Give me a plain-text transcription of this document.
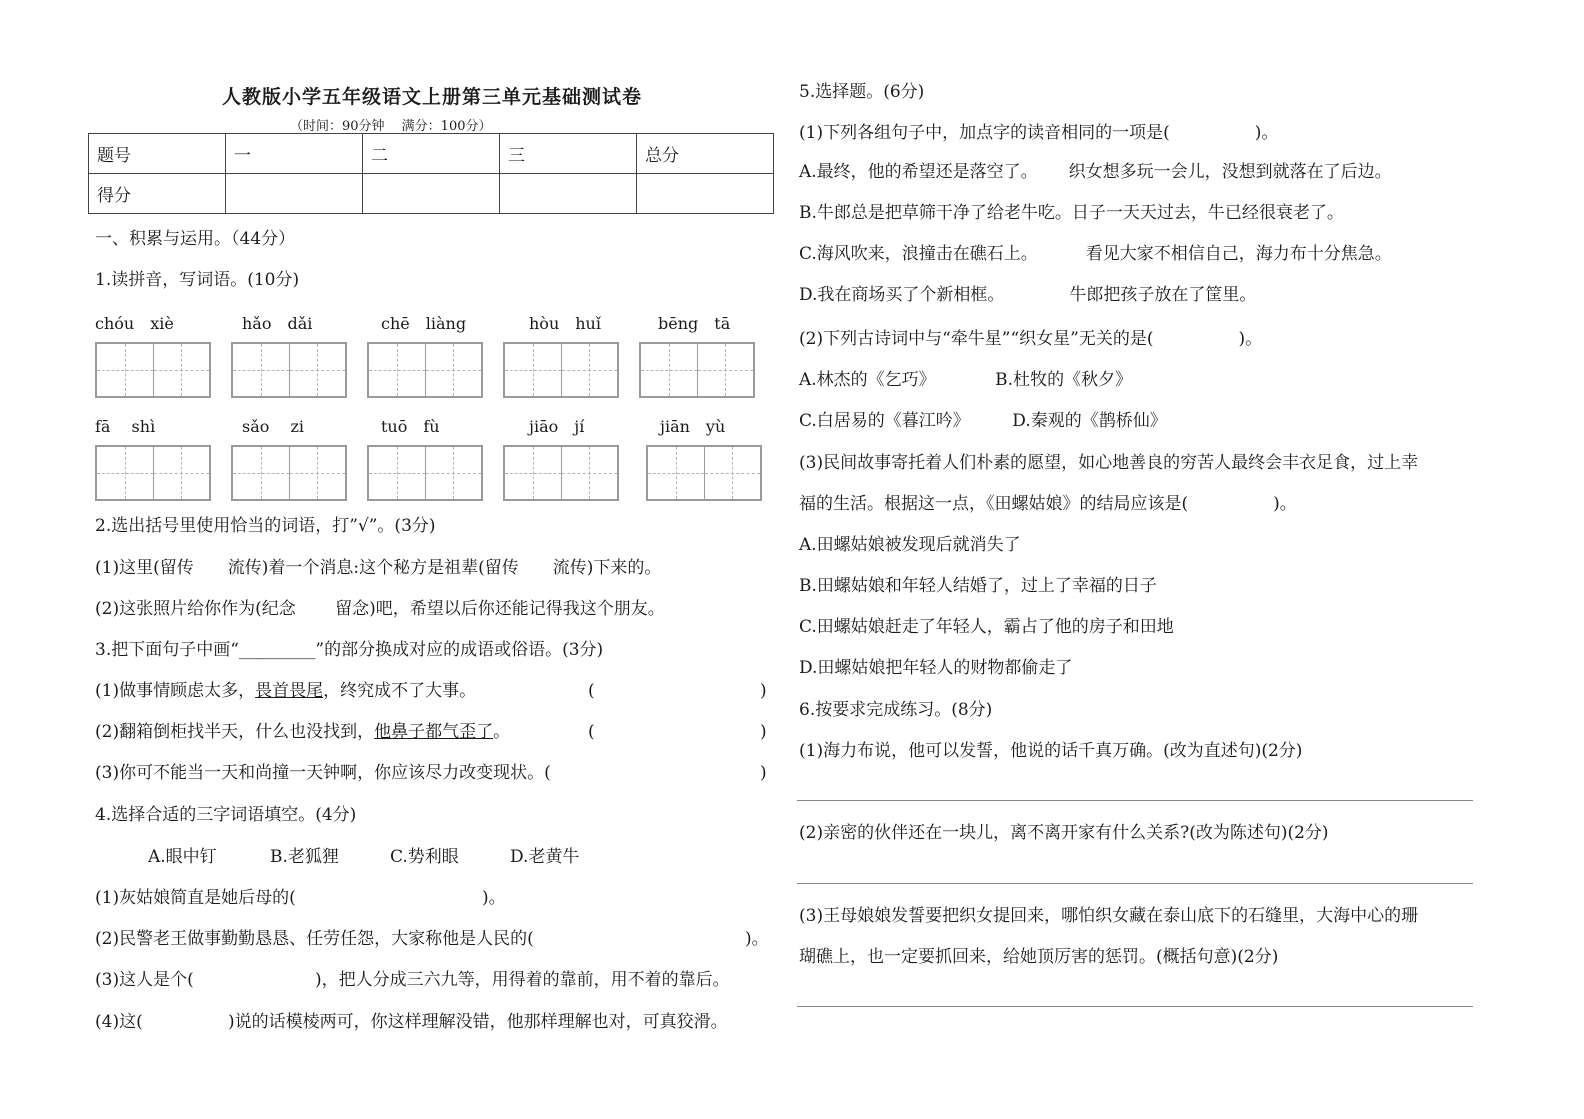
人教版小学五年级语文上册第三单元基础测试卷
（时间：90分钟　 满分：100分）
题号	一	二	三	总分
得分				
一、积累与运用。（44分）
1.读拼音，写词语。(10分)
chóu　xiè	hǎo　dǎi	chē　liàng	hòu　huǐ	bēng　tā
fā　 shì	sǎo　 zi	tuō　fù	jiāo　jí	jiān　yù
2.选出括号里使用恰当的词语，打”√”。(3分)
(1)这里(留传　　流传)着一个消息:这个秘方是祖辈(留传　　流传)下来的。
(2)这张照片给你作为(纪念　　 留念)吧，希望以后你还能记得我这个朋友。
3.把下面句子中画“_________”的部分换成对应的成语或俗语。(3分)
(1)做事情顾虑太多，畏首畏尾，终究成不了大事。	(	)
(2)翻箱倒柜找半天，什么也没找到，他鼻子都气歪了。	(	)
(3)你可不能当一天和尚撞一天钟啊，你应该尽力改变现状。(	)
4.选择合适的三字词语填空。(4分)
A.眼中钉	B.老狐狸	C.势利眼	D.老黄牛
(1)灰姑娘简直是她后母的(	)。
(2)民警老王做事勤勤恳恳、任劳任怨，大家称他是人民的(	)。
(3)这人是个(	)，把人分成三六九等，用得着的靠前，用不着的靠后。
(4)这(	)说的话模棱两可，你这样理解没错，他那样理解也对，可真狡滑。
5.选择题。(6分)
(1)下列各组句子中，加点字的读音相同的一项是(　　　　　)。
A.最终，他的希望还是落空了。　　 织女想多玩一会儿，没想到就落在了后边。
B.牛郎总是把草筛干净了给老牛吃。日子一天天过去，牛已经很衰老了。
C.海风吹来，浪撞击在礁石上。　　　 看见大家不相信自己，海力布十分焦急。
D.我在商场买了个新相框。　　　　 牛郎把孩子放在了筐里。
(2)下列古诗词中与“牵牛星”“织女星”无关的是(　　　　　)。
A.林杰的《乞巧》　　　　B.杜牧的《秋夕》
C.白居易的《暮江吟》　　　D.秦观的《鹊桥仙》
(3)民间故事寄托着人们朴素的愿望，如心地善良的穷苦人最终会丰衣足食，过上幸
福的生活。根据这一点，《田螺姑娘》的结局应该是(　　　　　)。
A.田螺姑娘被发现后就消失了
B.田螺姑娘和年轻人结婚了，过上了幸福的日子
C.田螺姑娘赶走了年轻人，霸占了他的房子和田地
D.田螺姑娘把年轻人的财物都偷走了
6.按要求完成练习。(8分)
(1)海力布说，他可以发誓，他说的话千真万确。(改为直述句)(2分)
(2)亲密的伙伴还在一块儿，离不离开家有什么关系?(改为陈述句)(2分)
(3)王母娘娘发誓要把织女提回来，哪怕织女藏在泰山底下的石缝里，大海中心的珊
瑚礁上，也一定要抓回来，给她顶厉害的惩罚。(概括句意)(2分)
